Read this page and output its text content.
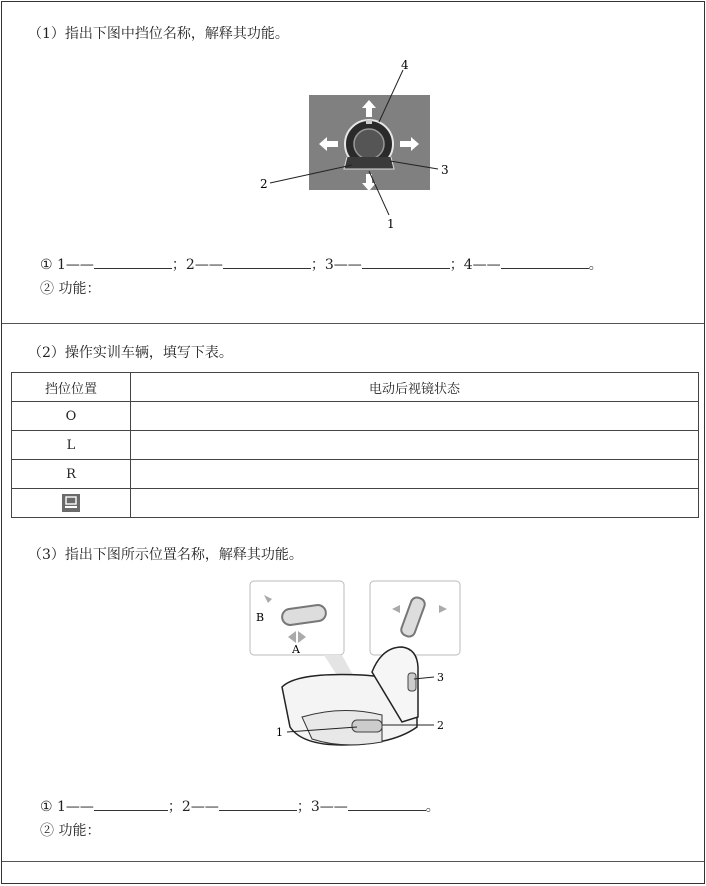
（1）指出下图中挡位名称，解释其功能。
4
2
3
1
① 1——	；2——	；3——	；4——	。
② 功能：
（2）操作实训车辆，填写下表。
挡位位置	电动后视镜状态
O	
L	
R	

（3）指出下图所示位置名称，解释其功能。
B
A
3
1
2
① 1——	；2——	；3——	。
② 功能：
